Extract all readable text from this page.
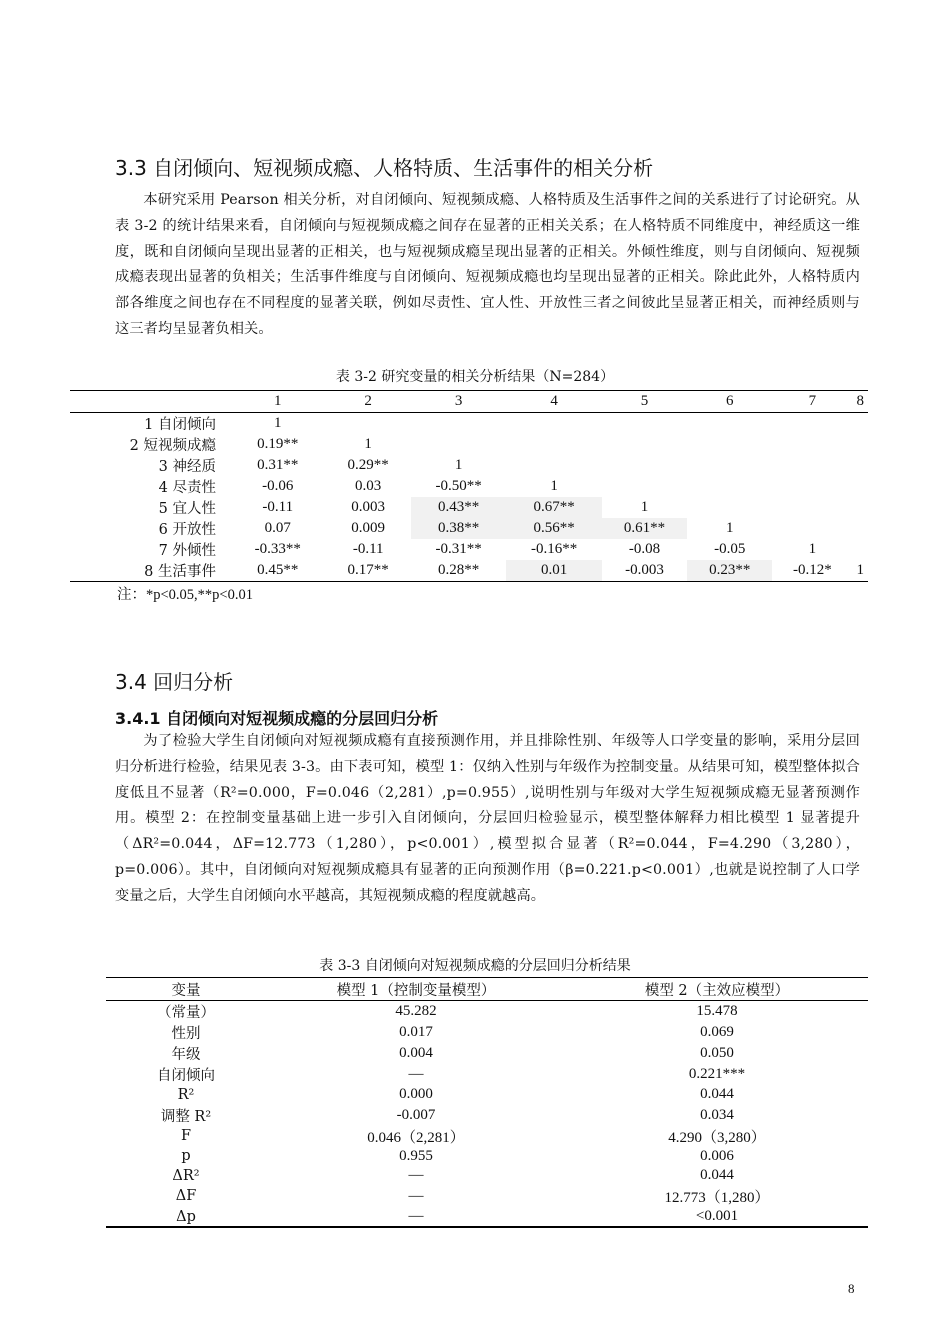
3.3 自闭倾向、短视频成瘾、人格特质、生活事件的相关分析

本研究采用 Pearson 相关分析，对自闭倾向、短视频成瘾、人格特质及生活事件之间的关系进行了讨论研究。从表 3-2 的统计结果来看，自闭倾向与短视频成瘾之间存在显著的正相关关系；在人格特质不同维度中，神经质这一维度，既和自闭倾向呈现出显著的正相关，也与短视频成瘾呈现出显著的正相关。外倾性维度，则与自闭倾向、短视频成瘾表现出显著的负相关；生活事件维度与自闭倾向、短视频成瘾也均呈现出显著的正相关。除此此外，人格特质内部各维度之间也存在不同程度的显著关联，例如尽责性、宜人性、开放性三者之间彼此呈显著正相关，而神经质则与这三者均呈显著负相关。

表 3-2 研究变量的相关分析结果（N=284）

	1	2	3	4	5	6	7	8
1 自闭倾向	1							
2 短视频成瘾	0.19**	1						
3 神经质	0.31**	0.29**	1					
4 尽责性	-0.06	0.03	-0.50**	1				
5 宜人性	-0.11	0.003	0.43**	0.67**	1			
6 开放性	0.07	0.009	0.38**	0.56**	0.61**	1		
7 外倾性	-0.33**	-0.11	-0.31**	-0.16**	-0.08	-0.05	1	
8 生活事件	0.45**	0.17**	0.28**	0.01	-0.003	0.23**	-0.12*	1

注：*p<0.05,**p<0.01

3.4 回归分析
3.4.1 自闭倾向对短视频成瘾的分层回归分析

为了检验大学生自闭倾向对短视频成瘾有直接预测作用，并且排除性别、年级等人口学变量的影响，采用分层回归分析进行检验，结果见表 3-3。由下表可知，模型 1：仅纳入性别与年级作为控制变量。从结果可知，模型整体拟合度低且不显著（R²=0.000，F=0.046（2,281）,p=0.955）,说明性别与年级对大学生短视频成瘾无显著预测作用。模型 2：在控制变量基础上进一步引入自闭倾向，分层回归检验显示，模型整体解释力相比模型 1 显著提升（ΔR²=0.044，ΔF=12.773（1,280），p<0.001）,模型拟合显著（R²=0.044，F=4.290（3,280），p=0.006）。其中，自闭倾向对短视频成瘾具有显著的正向预测作用（β=0.221.p<0.001）,也就是说控制了人口学变量之后，大学生自闭倾向水平越高，其短视频成瘾的程度就越高。

表 3-3 自闭倾向对短视频成瘾的分层回归分析结果

变量	模型 1（控制变量模型）	模型 2（主效应模型）
（常量）	45.282	15.478
性别	0.017	0.069
年级	0.004	0.050
自闭倾向	—	0.221***
R²	0.000	0.044
调整 R²	-0.007	0.034
F	0.046（2,281）	4.290（3,280）
p	0.955	0.006
ΔR²	—	0.044
ΔF	—	12.773（1,280）
Δp	—	<0.001
8
